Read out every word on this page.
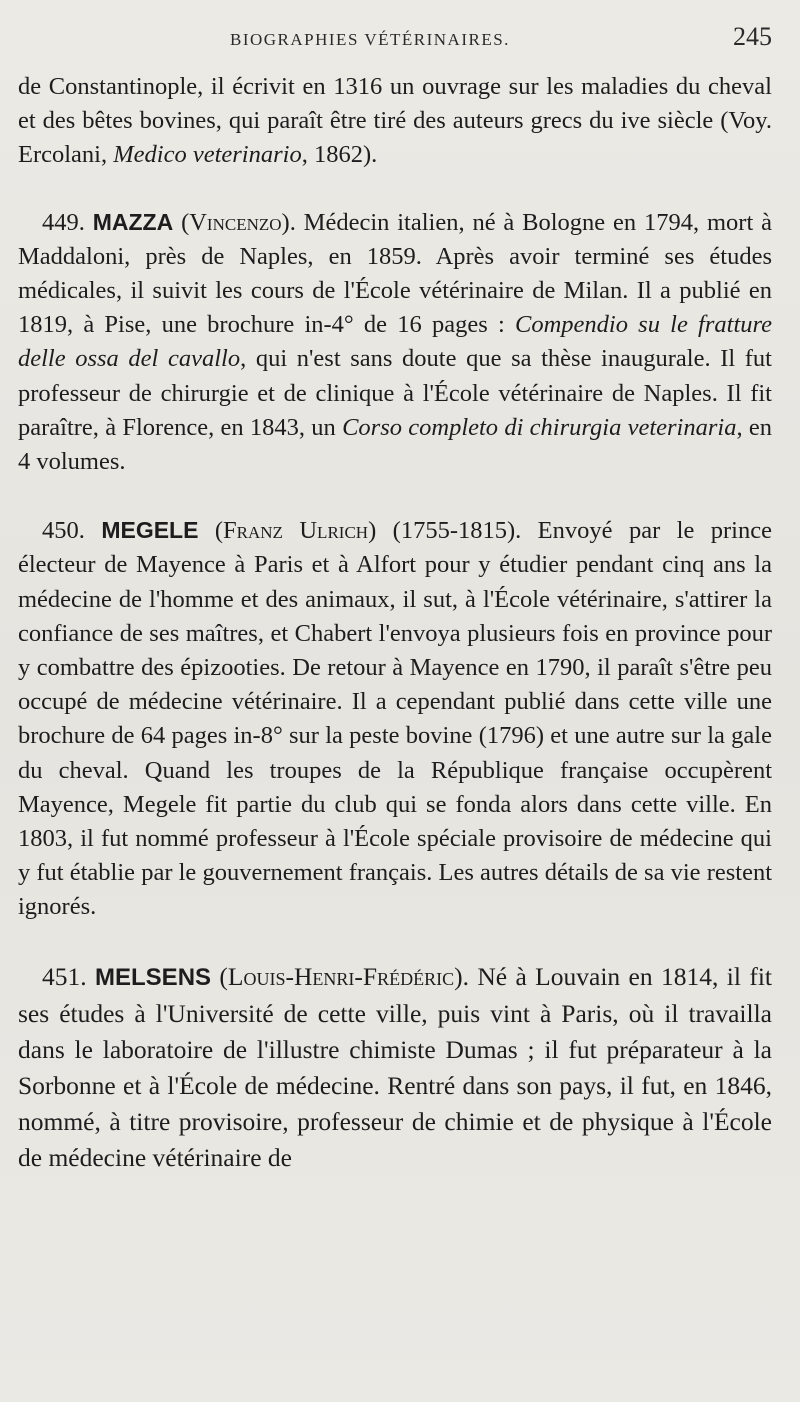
BIOGRAPHIES VÉTÉRINAIRES.	245

de Constantinople, il écrivit en 1316 un ouvrage sur les maladies du cheval et des bêtes bovines, qui paraît être tiré des auteurs grecs du ive siècle (Voy. Ercolani, Medico veterinario, 1862).

449. MAZZA (Vincenzo). Médecin italien, né à Bologne en 1794, mort à Maddaloni, près de Naples, en 1859. Après avoir terminé ses études médicales, il suivit les cours de l'École vétérinaire de Milan. Il a publié en 1819, à Pise, une brochure in-4° de 16 pages : Compendio su le fratture delle ossa del cavallo, qui n'est sans doute que sa thèse inaugurale. Il fut professeur de chirurgie et de clinique à l'École vétérinaire de Naples. Il fit paraître, à Florence, en 1843, un Corso completo di chirurgia veterinaria, en 4 volumes.

450. MEGELE (Franz Ulrich) (1755-1815). Envoyé par le prince électeur de Mayence à Paris et à Alfort pour y étudier pendant cinq ans la médecine de l'homme et des animaux, il sut, à l'École vétérinaire, s'attirer la confiance de ses maîtres, et Chabert l'envoya plusieurs fois en province pour y combattre des épizooties. De retour à Mayence en 1790, il paraît s'être peu occupé de médecine vétérinaire. Il a cependant publié dans cette ville une brochure de 64 pages in-8° sur la peste bovine (1796) et une autre sur la gale du cheval. Quand les troupes de la République française occupèrent Mayence, Megele fit partie du club qui se fonda alors dans cette ville. En 1803, il fut nommé professeur à l'École spéciale provisoire de médecine qui y fut établie par le gouvernement français. Les autres détails de sa vie restent ignorés.

451. MELSENS (Louis-Henri-Frédéric). Né à Louvain en 1814, il fit ses études à l'Université de cette ville, puis vint à Paris, où il travailla dans le laboratoire de l'illustre chimiste Dumas ; il fut préparateur à la Sorbonne et à l'École de médecine. Rentré dans son pays, il fut, en 1846, nommé, à titre provisoire, professeur de chimie et de physique à l'École de médecine vétérinaire de
